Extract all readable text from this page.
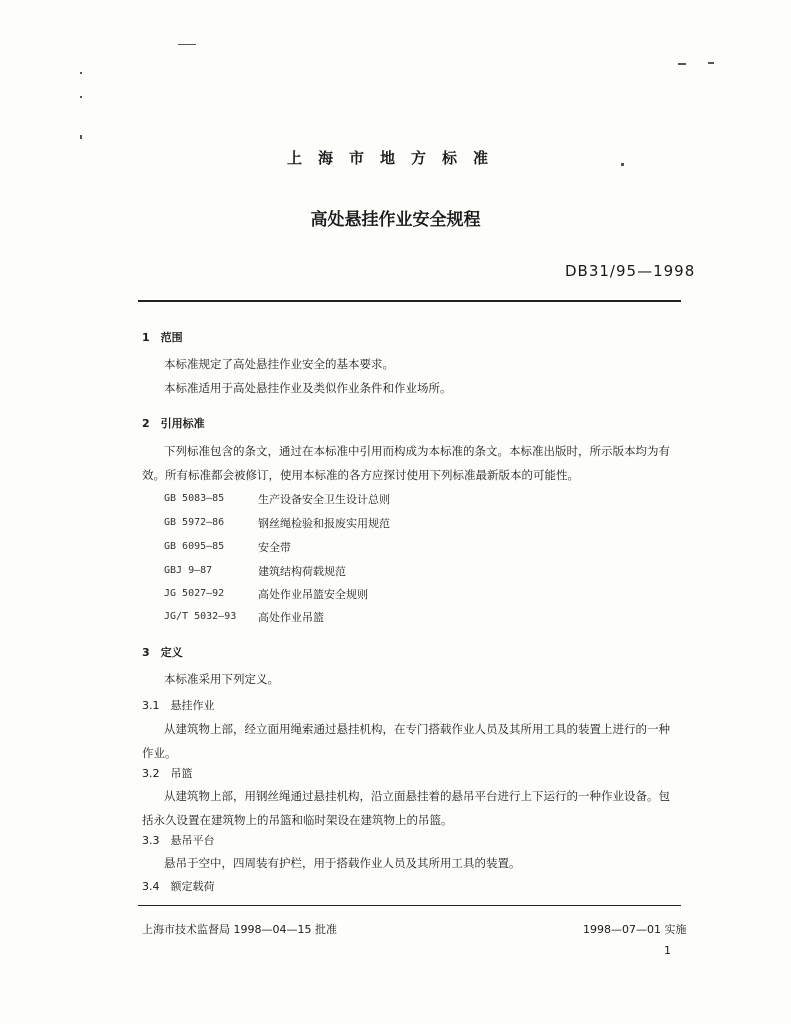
上海市地方标准
高处悬挂作业安全规程
DB31/95—1998
1　范围
本标准规定了高处悬挂作业安全的基本要求。
本标准适用于高处悬挂作业及类似作业条件和作业场所。
2　引用标准
下列标准包含的条文，通过在本标准中引用而构成为本标准的条文。本标准出版时，所示版本均为有
效。所有标准都会被修订，使用本标准的各方应探讨使用下列标准最新版本的可能性。
GB 5083—85	生产设备安全卫生设计总则
GB 5972—86	钢丝绳检验和报废实用规范
GB 6095—85	安全带
GBJ 9—87	建筑结构荷载规范
JG 5027—92	高处作业吊篮安全规则
JG/T 5032—93 高处作业吊篮
3　定义
本标准采用下列定义。
3.1　悬挂作业
从建筑物上部，经立面用绳索通过悬挂机构，在专门搭载作业人员及其所用工具的装置上进行的一种
作业。
3.2　吊篮
从建筑物上部，用钢丝绳通过悬挂机构，沿立面悬挂着的悬吊平台进行上下运行的一种作业设备。包
括永久设置在建筑物上的吊篮和临时架设在建筑物上的吊篮。
3.3　悬吊平台
悬吊于空中，四周装有护栏，用于搭载作业人员及其所用工具的装置。
3.4　额定载荷
上海市技术监督局 1998—04—15 批准	1998—07—01 实施
1
